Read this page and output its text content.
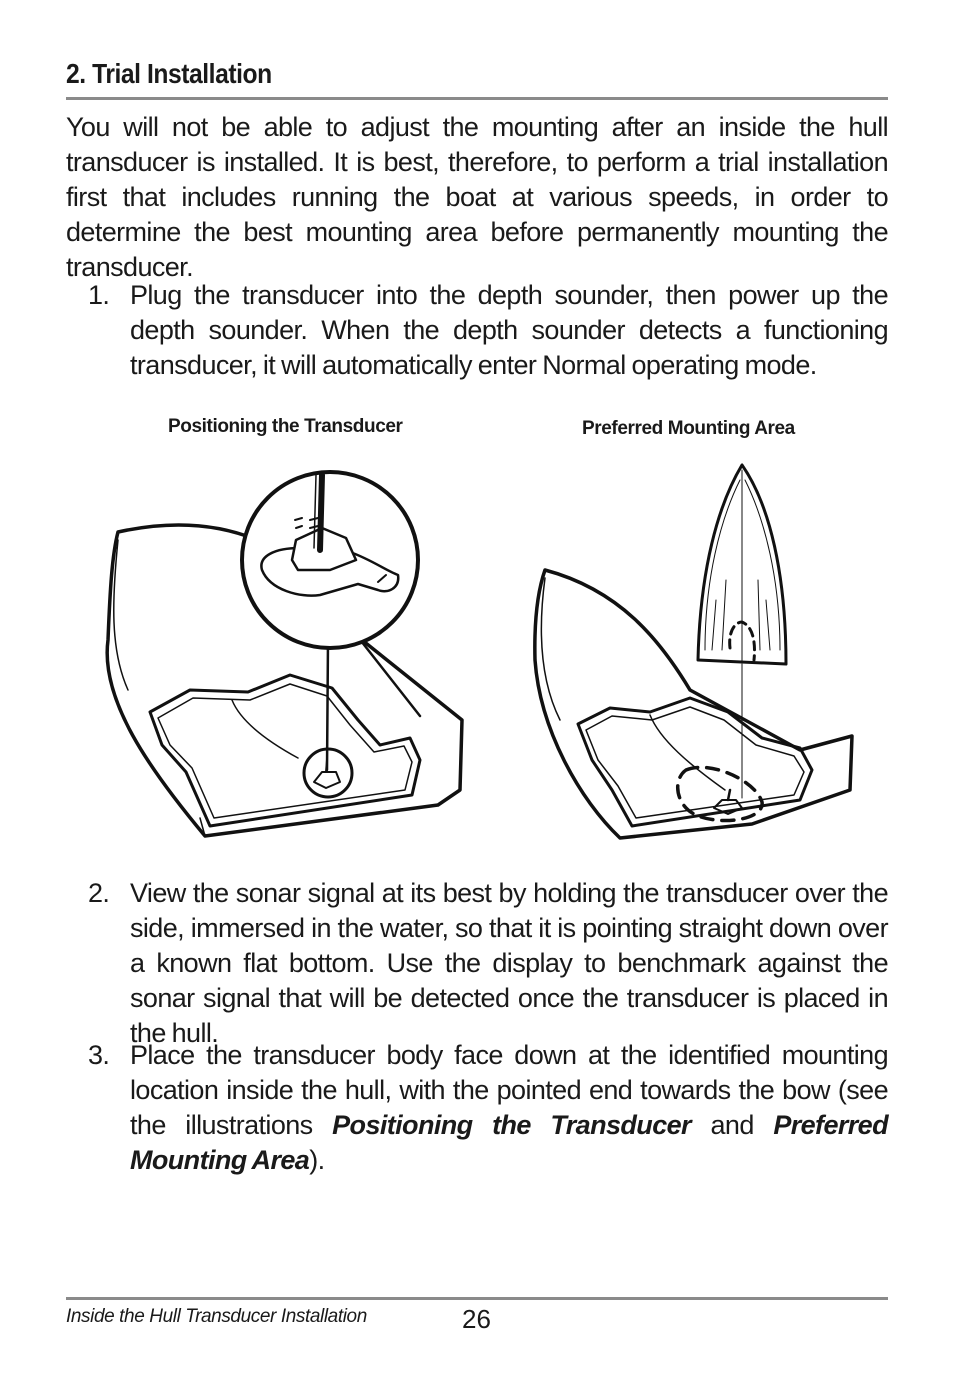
2. Trial Installation

You will not be able to adjust the mounting after an inside the hull transducer is installed. It is best, therefore, to perform a trial installation first that includes running the boat at various speeds, in order to determine the best mounting area before permanently mounting the transducer.

1. Plug the transducer into the depth sounder, then power up the depth sounder. When the depth sounder detects a functioning transducer, it will automatically enter Normal operating mode.
Positioning the Transducer	Preferred Mounting Area
2. View the sonar signal at its best by holding the transducer over the side, immersed in the water, so that it is pointing straight down over a known flat bottom. Use the display to benchmark against the sonar signal that will be detected once the transducer is placed in the hull.
3. Place the transducer body face down at the identified mounting location inside the hull, with the pointed end towards the bow (see the illustrations Positioning the Transducer and Preferred Mounting Area).
Inside the Hull Transducer Installation	26
